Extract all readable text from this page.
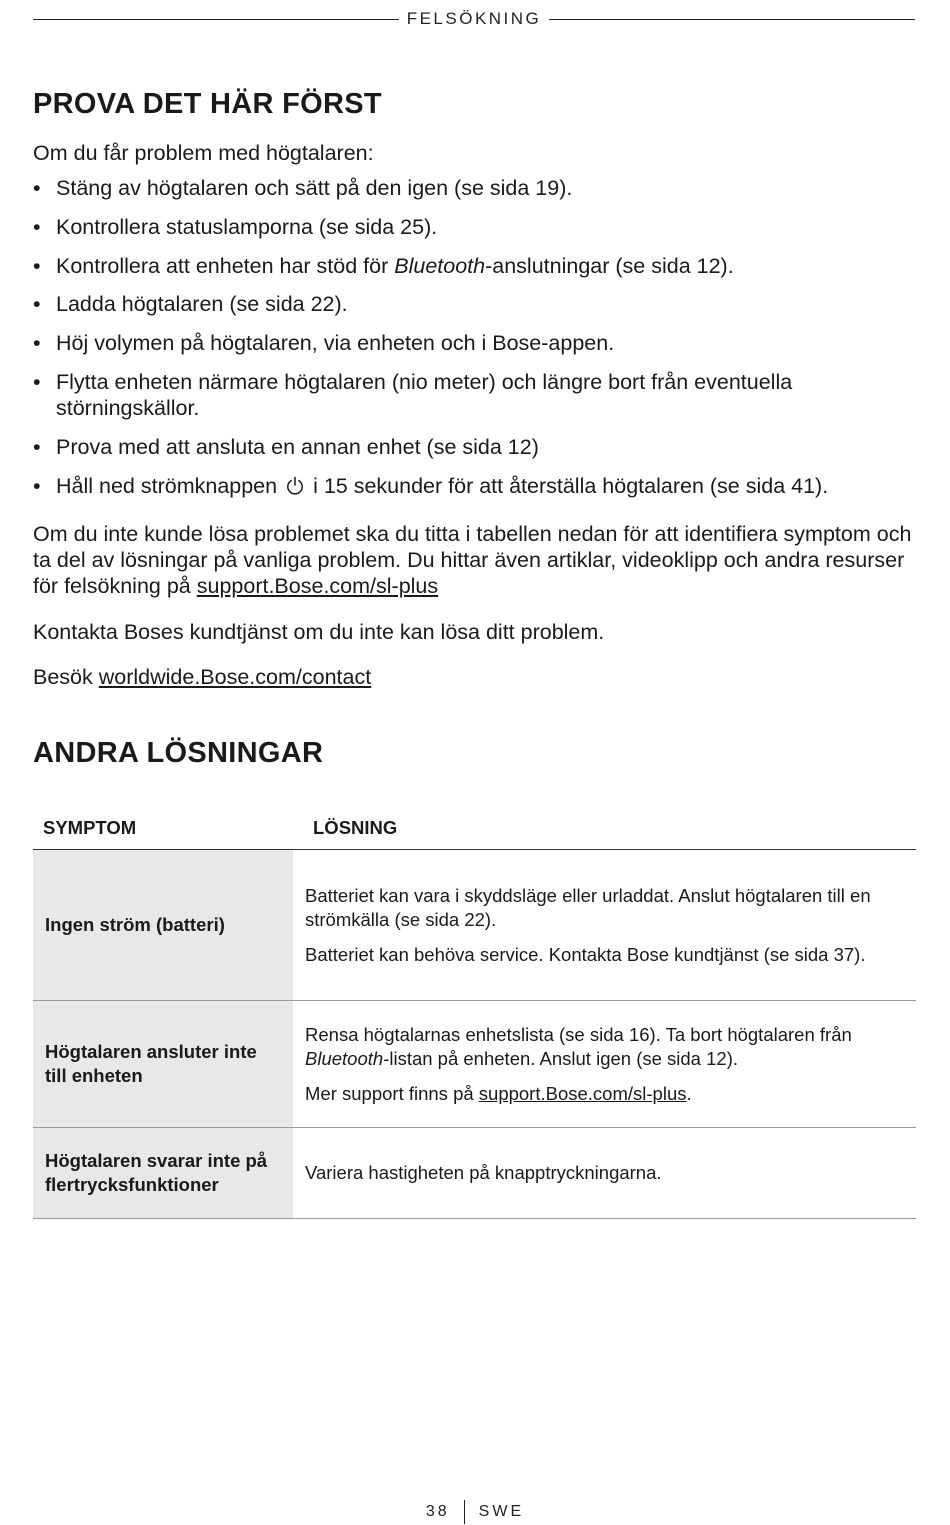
FELSÖKNING
PROVA DET HÄR FÖRST

Om du får problem med högtalaren:

• Stäng av högtalaren och sätt på den igen (se sida 19).
• Kontrollera statuslamporna (se sida 25).
• Kontrollera att enheten har stöd för Bluetooth-anslutningar (se sida 12).
• Ladda högtalaren (se sida 22).
• Höj volymen på högtalaren, via enheten och i Bose-appen.
• Flytta enheten närmare högtalaren (nio meter) och längre bort från eventuella störningskällor.
• Prova med att ansluta en annan enhet (se sida 12)
• Håll ned strömknappen i 15 sekunder för att återställa högtalaren (se sida 41).

Om du inte kunde lösa problemet ska du titta i tabellen nedan för att identifiera symptom och ta del av lösningar på vanliga problem. Du hittar även artiklar, videoklipp och andra resurser för felsökning på support.Bose.com/sl-plus

Kontakta Boses kundtjänst om du inte kan lösa ditt problem.

Besök worldwide.Bose.com/contact

ANDRA LÖSNINGAR
SYMPTOM	LÖSNING
Ingen ström (batteri)

Batteriet kan vara i skyddsläge eller urladdat. Anslut högtalaren till en strömkälla (se sida 22).

Batteriet kan behöva service. Kontakta Bose kundtjänst (se sida 37).

Högtalaren ansluter inte till enheten

Rensa högtalarnas enhetslista (se sida 16). Ta bort högtalaren från Bluetooth-listan på enheten. Anslut igen (se sida 12).

Mer support finns på support.Bose.com/sl-plus.

Högtalaren svarar inte på flertrycksfunktioner

Variera hastigheten på knapptryckningarna.

38 SWE
